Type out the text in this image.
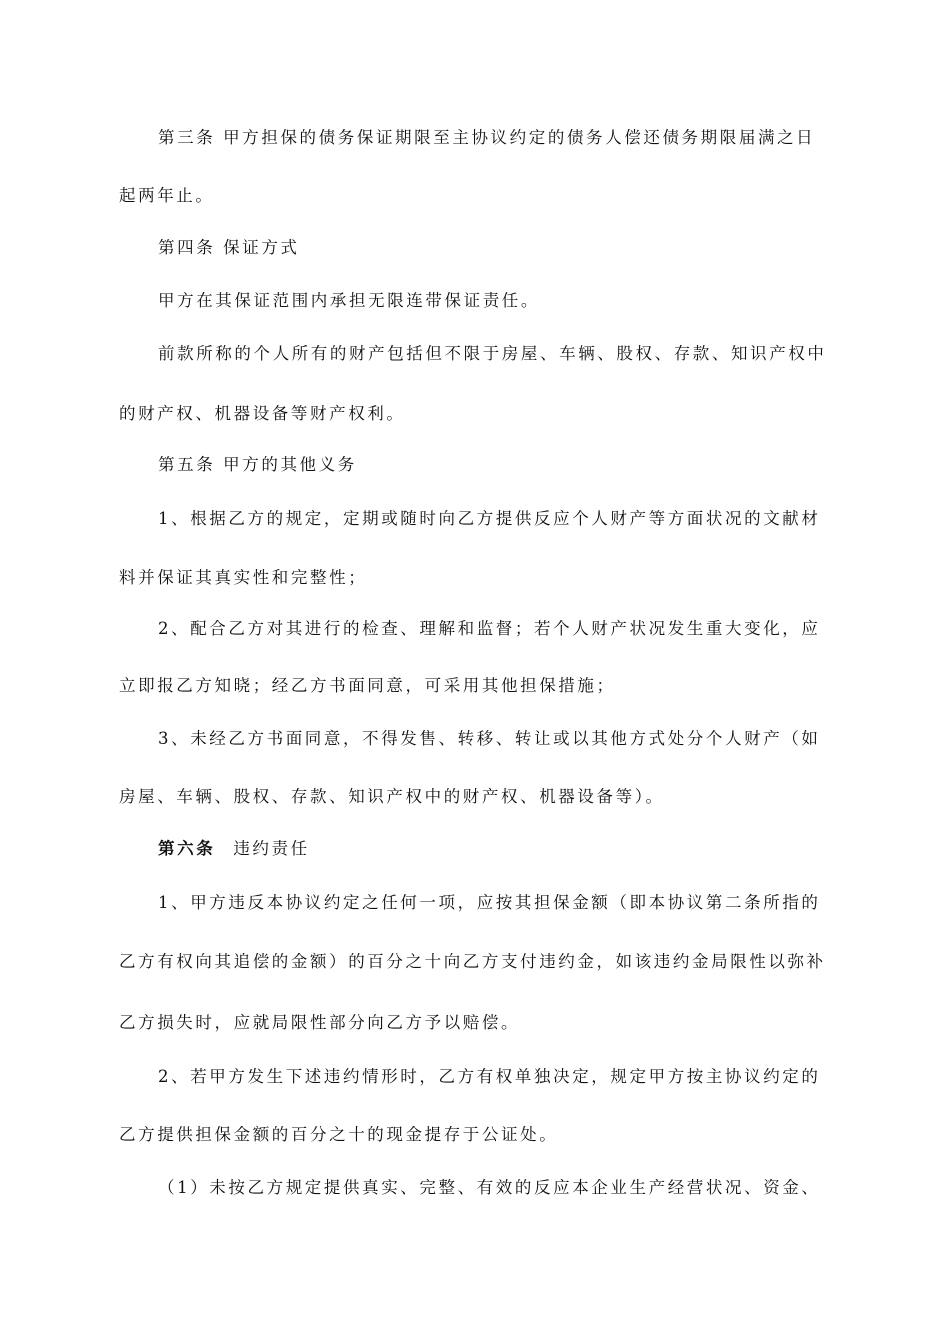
第三条 甲方担保的债务保证期限至主协议约定的债务人偿还债务期限届满之日
起两年止。
第四条 保证方式
甲方在其保证范围内承担无限连带保证责任。
前款所称的个人所有的财产包括但不限于房屋、车辆、股权、存款、知识产权中
的财产权、机器设备等财产权利。
第五条 甲方的其他义务
1、根据乙方的规定，定期或随时向乙方提供反应个人财产等方面状况的文献材
料并保证其真实性和完整性；
2、配合乙方对其进行的检查、理解和监督；若个人财产状况发生重大变化，应
立即报乙方知晓；经乙方书面同意，可采用其他担保措施；
3、未经乙方书面同意，不得发售、转移、转让或以其他方式处分个人财产（如
房屋、车辆、股权、存款、知识产权中的财产权、机器设备等）。
第六条 违约责任
1、甲方违反本协议约定之任何一项，应按其担保金额（即本协议第二条所指的
乙方有权向其追偿的金额）的百分之十向乙方支付违约金，如该违约金局限性以弥补
乙方损失时，应就局限性部分向乙方予以赔偿。
2、若甲方发生下述违约情形时，乙方有权单独决定，规定甲方按主协议约定的
乙方提供担保金额的百分之十的现金提存于公证处。
（1）未按乙方规定提供真实、完整、有效的反应本企业生产经营状况、资金、
